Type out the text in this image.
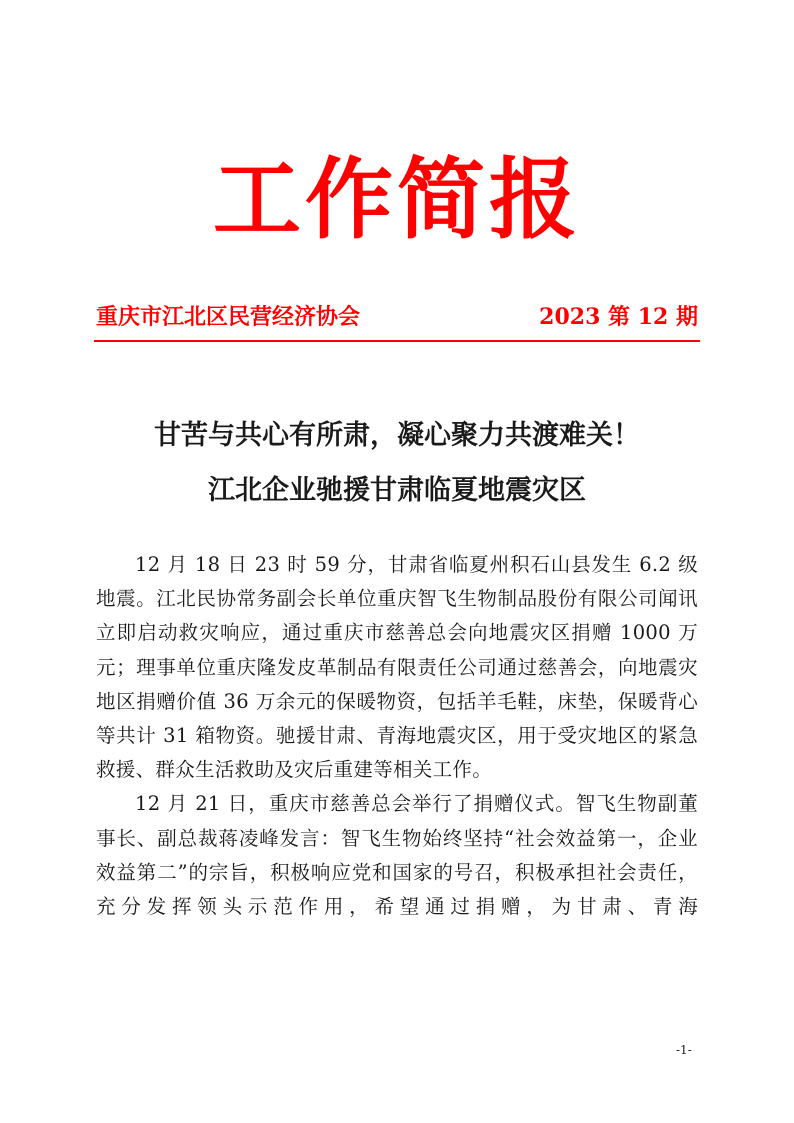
工作简报
重庆市江北区民营经济协会	2023 第 12 期
甘苦与共心有所肃，凝心聚力共渡难关！
江北企业驰援甘肃临夏地震灾区

12 月 18 日 23 时 59 分，甘肃省临夏州积石山县发生 6.2 级地震。江北民协常务副会长单位重庆智飞生物制品股份有限公司闻讯立即启动救灾响应，通过重庆市慈善总会向地震灾区捐赠 1000 万元；理事单位重庆隆发皮革制品有限责任公司通过慈善会，向地震灾地区捐赠价值 36 万余元的保暖物资，包括羊毛鞋，床垫，保暖背心等共计 31 箱物资。驰援甘肃、青海地震灾区，用于受灾地区的紧急救援、群众生活救助及灾后重建等相关工作。

12 月 21 日，重庆市慈善总会举行了捐赠仪式。智飞生物副董事长、副总裁蒋凌峰发言：智飞生物始终坚持“社会效益第一，企业效益第二”的宗旨，积极响应党和国家的号召，积极承担社会责任，充分发挥领头示范作用，希望通过捐赠，为甘肃、青海

-1-
